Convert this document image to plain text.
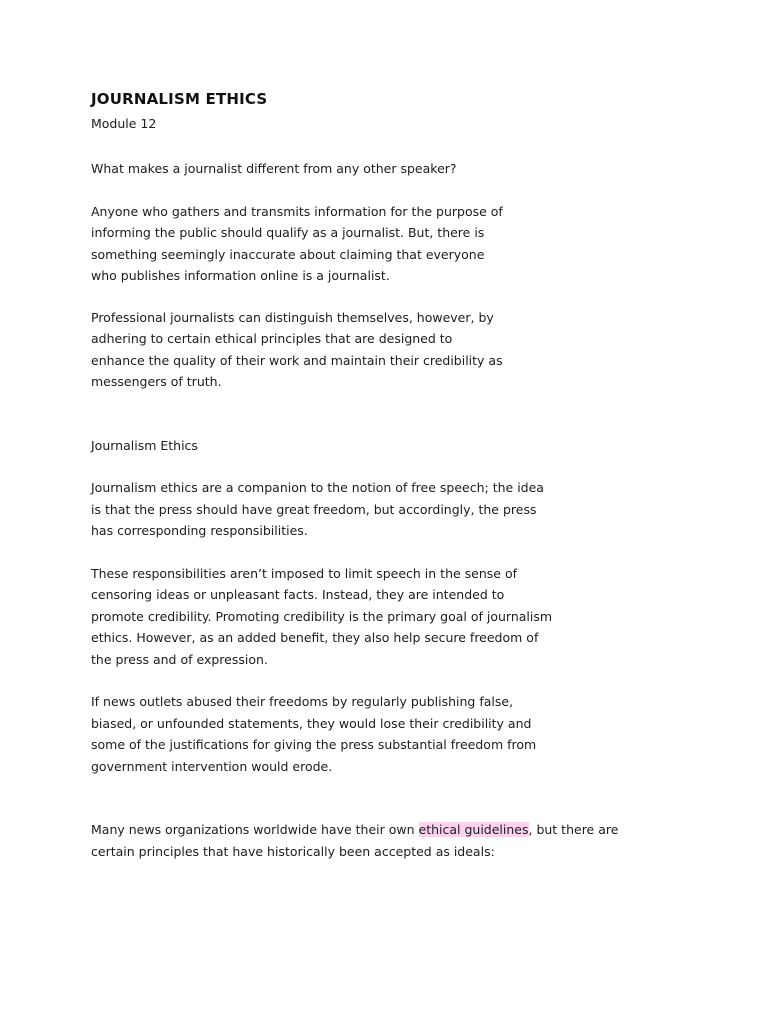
JOURNALISM ETHICS

Module 12

What makes a journalist different from any other speaker?

Anyone who gathers and transmits information for the purpose of
informing the public should qualify as a journalist. But, there is
something seemingly inaccurate about claiming that everyone
who publishes information online is a journalist.

Professional journalists can distinguish themselves, however, by
adhering to certain ethical principles that are designed to
enhance the quality of their work and maintain their credibility as
messengers of truth.

Journalism Ethics

Journalism ethics are a companion to the notion of free speech; the idea
is that the press should have great freedom, but accordingly, the press
has corresponding responsibilities.

These responsibilities aren’t imposed to limit speech in the sense of
censoring ideas or unpleasant facts. Instead, they are intended to
promote credibility. Promoting credibility is the primary goal of journalism
ethics. However, as an added benefit, they also help secure freedom of
the press and of expression.

If news outlets abused their freedoms by regularly publishing false,
biased, or unfounded statements, they would lose their credibility and
some of the justifications for giving the press substantial freedom from
government intervention would erode.

Many news organizations worldwide have their own ethical guidelines, but there are
certain principles that have historically been accepted as ideals:
